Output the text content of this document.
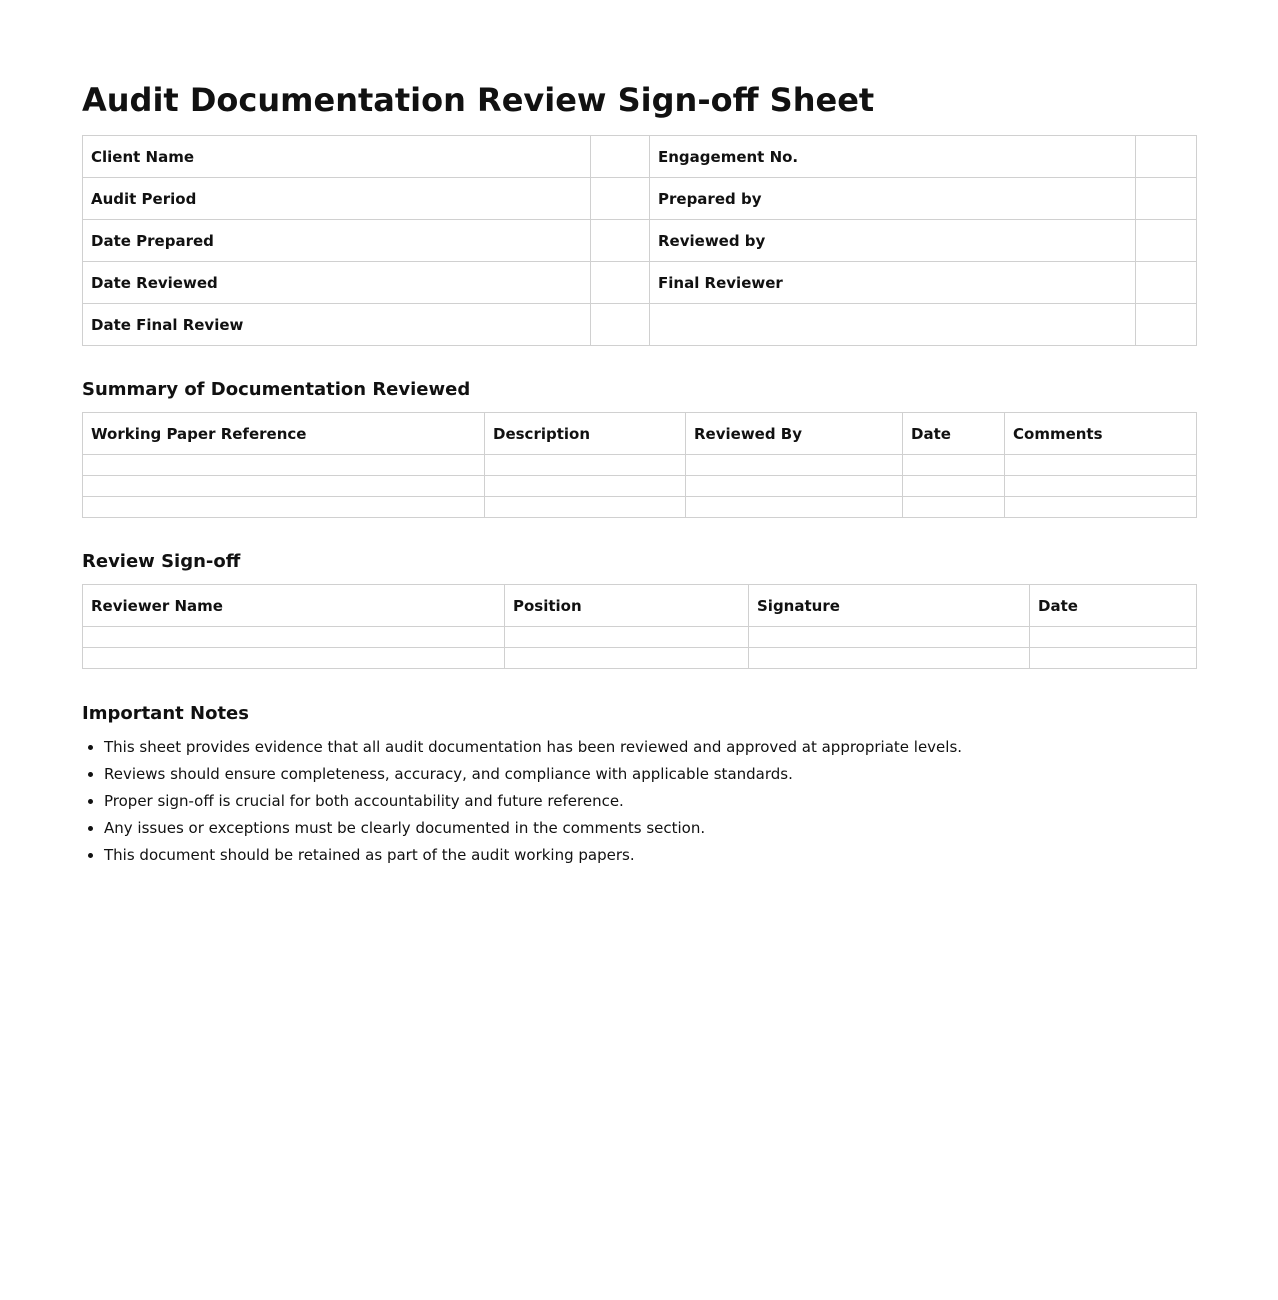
Audit Documentation Review Sign-off Sheet
Client Name		Engagement No.	
Audit Period		Prepared by	
Date Prepared		Reviewed by	
Date Reviewed		Final Reviewer	
Date Final Review			
Summary of Documentation Reviewed
Working Paper Reference	Description	Reviewed By	Date	Comments

Review Sign-off
Reviewer Name	Position	Signature	Date

Important Notes
• This sheet provides evidence that all audit documentation has been reviewed and approved at appropriate levels.
• Reviews should ensure completeness, accuracy, and compliance with applicable standards.
• Proper sign-off is crucial for both accountability and future reference.
• Any issues or exceptions must be clearly documented in the comments section.
• This document should be retained as part of the audit working papers.
